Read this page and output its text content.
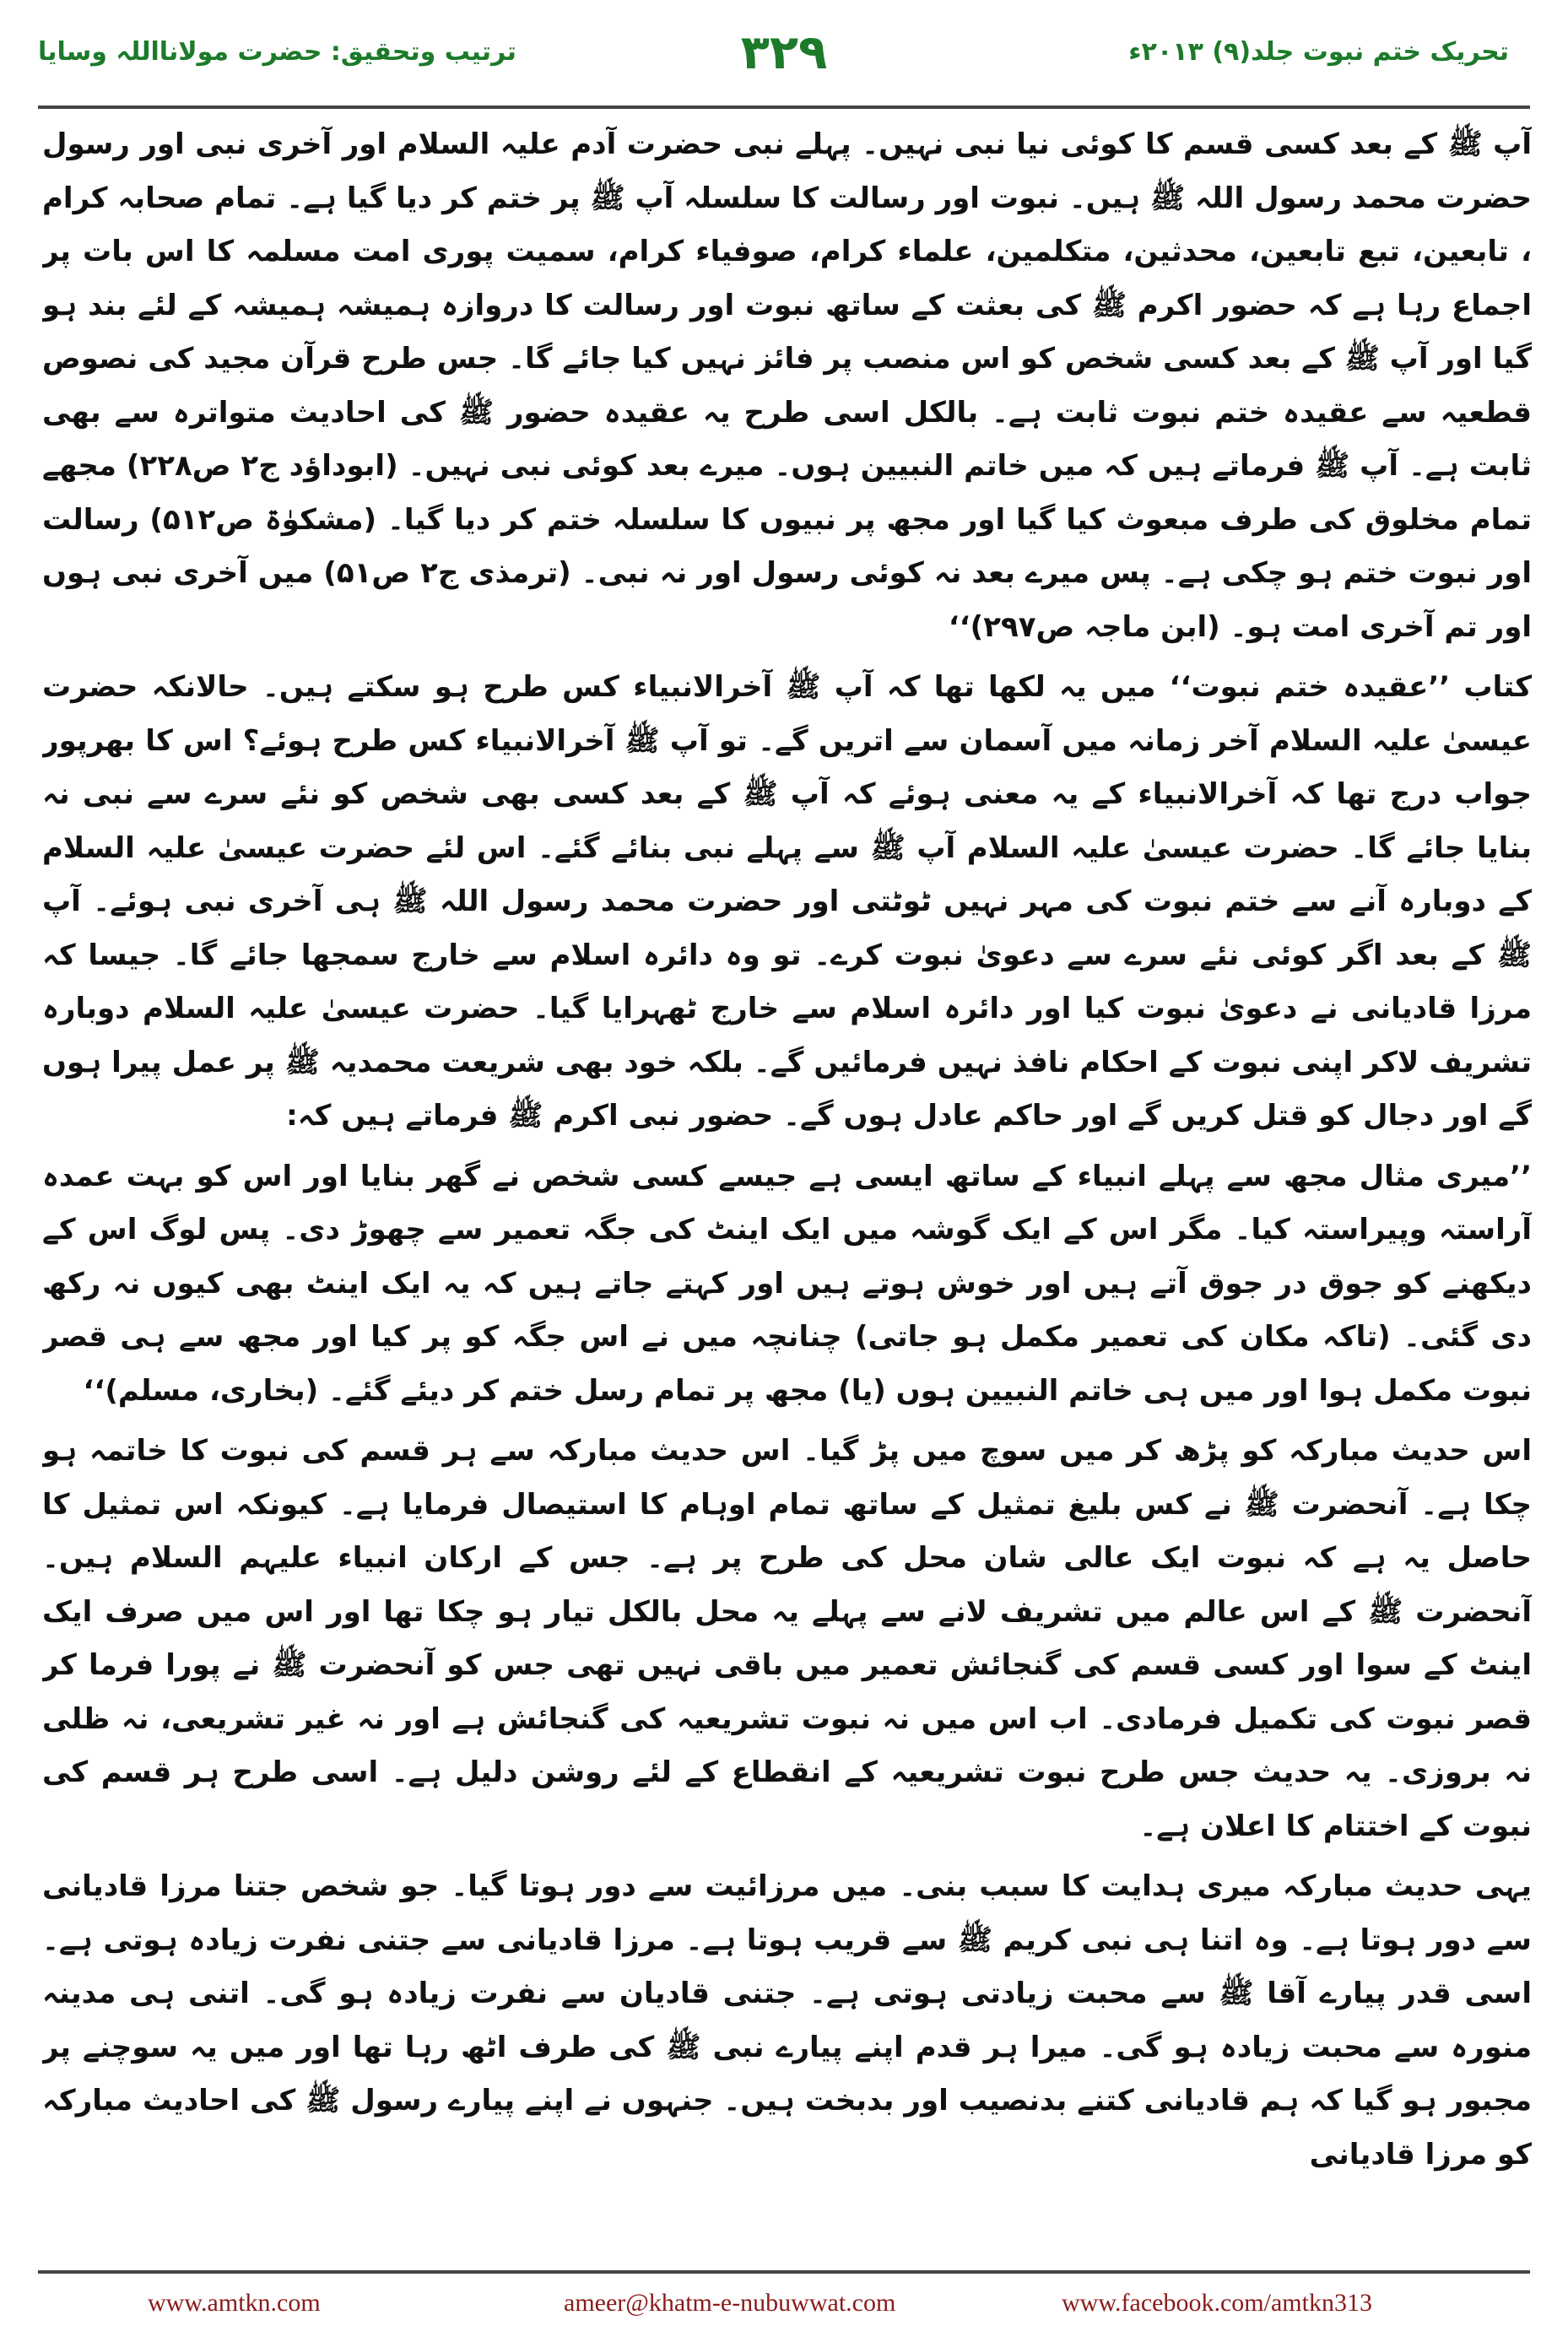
تحریک ختم نبوت جلد(۹) ۲۰۱۳ء
۳۲۹
ترتیب وتحقیق: حضرت مولانااللہ وسایا

آپ ﷺ کے بعد کسی قسم کا کوئی نیا نبی نہیں۔ پہلے نبی حضرت آدم علیہ السلام اور آخری نبی اور رسول حضرت محمد رسول اللہ ﷺ ہیں۔ نبوت اور رسالت کا سلسلہ آپ ﷺ پر ختم کر دیا گیا ہے۔ تمام صحابہ کرام ؓ، تابعین، تبع تابعین، محدثین، متکلمین، علماء کرام، صوفیاء کرام، سمیت پوری امت مسلمہ کا اس بات پر اجماع رہا ہے کہ حضور اکرم ﷺ کی بعثت کے ساتھ نبوت اور رسالت کا دروازہ ہمیشہ ہمیشہ کے لئے بند ہو گیا اور آپ ﷺ کے بعد کسی شخص کو اس منصب پر فائز نہیں کیا جائے گا۔ جس طرح قرآن مجید کی نصوص قطعیہ سے عقیدہ ختم نبوت ثابت ہے۔ بالکل اسی طرح یہ عقیدہ حضور ﷺ کی احادیث متواترہ سے بھی ثابت ہے۔ آپ ﷺ فرماتے ہیں کہ میں خاتم النبیین ہوں۔ میرے بعد کوئی نبی نہیں۔ (ابوداؤد ج۲ ص۲۲۸) مجھے تمام مخلوق کی طرف مبعوث کیا گیا اور مجھ پر نبیوں کا سلسلہ ختم کر دیا گیا۔ (مشکوٰۃ ص۵۱۲) رسالت اور نبوت ختم ہو چکی ہے۔ پس میرے بعد نہ کوئی رسول اور نہ نبی۔ (ترمذی ج۲ ص۵۱) میں آخری نبی ہوں اور تم آخری امت ہو۔ (ابن ماجہ ص۲۹۷)‘‘

کتاب ’’عقیدہ ختم نبوت‘‘ میں یہ لکھا تھا کہ آپ ﷺ آخرالانبیاء کس طرح ہو سکتے ہیں۔ حالانکہ حضرت عیسیٰ علیہ السلام آخر زمانہ میں آسمان سے اتریں گے۔ تو آپ ﷺ آخرالانبیاء کس طرح ہوئے؟ اس کا بھرپور جواب درج تھا کہ آخرالانبیاء کے یہ معنی ہوئے کہ آپ ﷺ کے بعد کسی بھی شخص کو نئے سرے سے نبی نہ بنایا جائے گا۔ حضرت عیسیٰ علیہ السلام آپ ﷺ سے پہلے نبی بنائے گئے۔ اس لئے حضرت عیسیٰ علیہ السلام کے دوبارہ آنے سے ختم نبوت کی مہر نہیں ٹوٹتی اور حضرت محمد رسول اللہ ﷺ ہی آخری نبی ہوئے۔ آپ ﷺ کے بعد اگر کوئی نئے سرے سے دعویٰ نبوت کرے۔ تو وہ دائرہ اسلام سے خارج سمجھا جائے گا۔ جیسا کہ مرزا قادیانی نے دعویٰ نبوت کیا اور دائرہ اسلام سے خارج ٹھہرایا گیا۔ حضرت عیسیٰ علیہ السلام دوبارہ تشریف لاکر اپنی نبوت کے احکام نافذ نہیں فرمائیں گے۔ بلکہ خود بھی شریعت محمدیہ ﷺ پر عمل پیرا ہوں گے اور دجال کو قتل کریں گے اور حاکم عادل ہوں گے۔ حضور نبی اکرم ﷺ فرماتے ہیں کہ:

’’میری مثال مجھ سے پہلے انبیاء کے ساتھ ایسی ہے جیسے کسی شخص نے گھر بنایا اور اس کو بہت عمدہ آراستہ وپیراستہ کیا۔ مگر اس کے ایک گوشہ میں ایک اینٹ کی جگہ تعمیر سے چھوڑ دی۔ پس لوگ اس کے دیکھنے کو جوق در جوق آتے ہیں اور خوش ہوتے ہیں اور کہتے جاتے ہیں کہ یہ ایک اینٹ بھی کیوں نہ رکھ دی گئی۔ (تاکہ مکان کی تعمیر مکمل ہو جاتی) چنانچہ میں نے اس جگہ کو پر کیا اور مجھ سے ہی قصر نبوت مکمل ہوا اور میں ہی خاتم النبیین ہوں (یا) مجھ پر تمام رسل ختم کر دیئے گئے۔ (بخاری، مسلم)‘‘

اس حدیث مبارکہ کو پڑھ کر میں سوچ میں پڑ گیا۔ اس حدیث مبارکہ سے ہر قسم کی نبوت کا خاتمہ ہو چکا ہے۔ آنحضرت ﷺ نے کس بلیغ تمثیل کے ساتھ تمام اوہام کا استیصال فرمایا ہے۔ کیونکہ اس تمثیل کا حاصل یہ ہے کہ نبوت ایک عالی شان محل کی طرح پر ہے۔ جس کے ارکان انبیاء علیہم السلام ہیں۔ آنحضرت ﷺ کے اس عالم میں تشریف لانے سے پہلے یہ محل بالکل تیار ہو چکا تھا اور اس میں صرف ایک اینٹ کے سوا اور کسی قسم کی گنجائش تعمیر میں باقی نہیں تھی جس کو آنحضرت ﷺ نے پورا فرما کر قصر نبوت کی تکمیل فرمادی۔ اب اس میں نہ نبوت تشریعیہ کی گنجائش ہے اور نہ غیر تشریعی، نہ ظلی نہ بروزی۔ یہ حدیث جس طرح نبوت تشریعیہ کے انقطاع کے لئے روشن دلیل ہے۔ اسی طرح ہر قسم کی نبوت کے اختتام کا اعلان ہے۔

یہی حدیث مبارکہ میری ہدایت کا سبب بنی۔ میں مرزائیت سے دور ہوتا گیا۔ جو شخص جتنا مرزا قادیانی سے دور ہوتا ہے۔ وہ اتنا ہی نبی کریم ﷺ سے قریب ہوتا ہے۔ مرزا قادیانی سے جتنی نفرت زیادہ ہوتی ہے۔ اسی قدر پیارے آقا ﷺ سے محبت زیادتی ہوتی ہے۔ جتنی قادیان سے نفرت زیادہ ہو گی۔ اتنی ہی مدینہ منورہ سے محبت زیادہ ہو گی۔ میرا ہر قدم اپنے پیارے نبی ﷺ کی طرف اٹھ رہا تھا اور میں یہ سوچنے پر مجبور ہو گیا کہ ہم قادیانی کتنے بدنصیب اور بدبخت ہیں۔ جنہوں نے اپنے پیارے رسول ﷺ کی احادیث مبارکہ کو مرزا قادیانی

www.amtkn.com	ameer@khatm-e-nubuwwat.com	www.facebook.com/amtkn313
